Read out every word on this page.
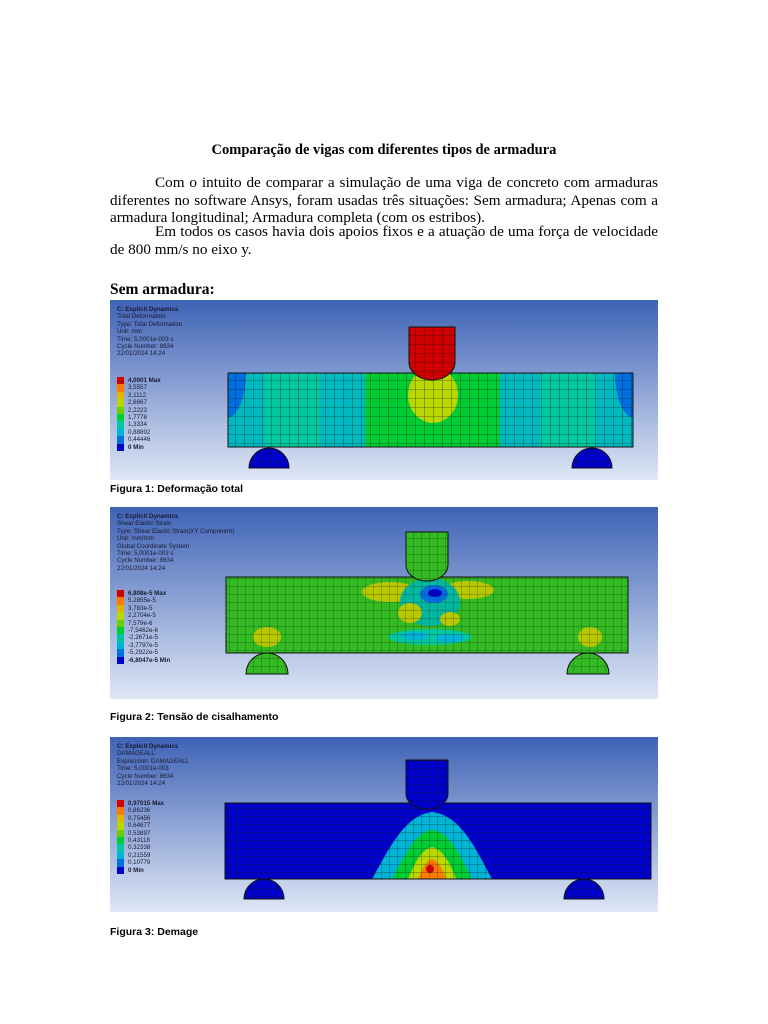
Comparação de vigas com diferentes tipos de armadura
Com o intuito de comparar a simulação de uma viga de concreto com armaduras diferentes no software Ansys, foram usadas três situações: Sem armadura; Apenas com a armadura longitudinal; Armadura completa (com os estribos).
Em todos os casos havia dois apoios fixos e a atuação de uma força de velocidade de 800 mm/s no eixo y.
Sem armadura:
C: Explicit Dynamics
Total Deformation
Type: Total Deformation
Unit: mm
Time: 5,0001e-003 s
Cycle Number: 8634
22/01/2024 14:24
4,0001 Max
3,5557
3,1112
2,6667
2,2223
1,7778
1,3334
0,88892
0,44446
0 Min
Figura 1: Deformação total
C: Explicit Dynamics
Shear Elastic Strain
Type: Shear Elastic Strain(XY Component)
Unit: mm/mm
Global Coordinate System
Time: 5,0001e-003 s
Cycle Number: 8634
22/01/2024 14:24
6,808e-5 Max
5,2855e-5
3,783e-5
2,2704e-5
7,579e-6
-7,5462e-6
-2,2671e-5
-3,7797e-5
-5,2922e-5
-6,8047e-5 Min
Figura 2: Tensão de cisalhamento
C: Explicit Dynamics
DAMAGEALL
Expression: DAMAGEALL
Time: 5,0001e-003
Cycle Number: 8634
22/01/2024 14:24
0,97015 Max
0,86236
0,75456
0,64677
0,53897
0,43118
0,32338
0,21559
0,10779
0 Min
Figura 3: Demage
